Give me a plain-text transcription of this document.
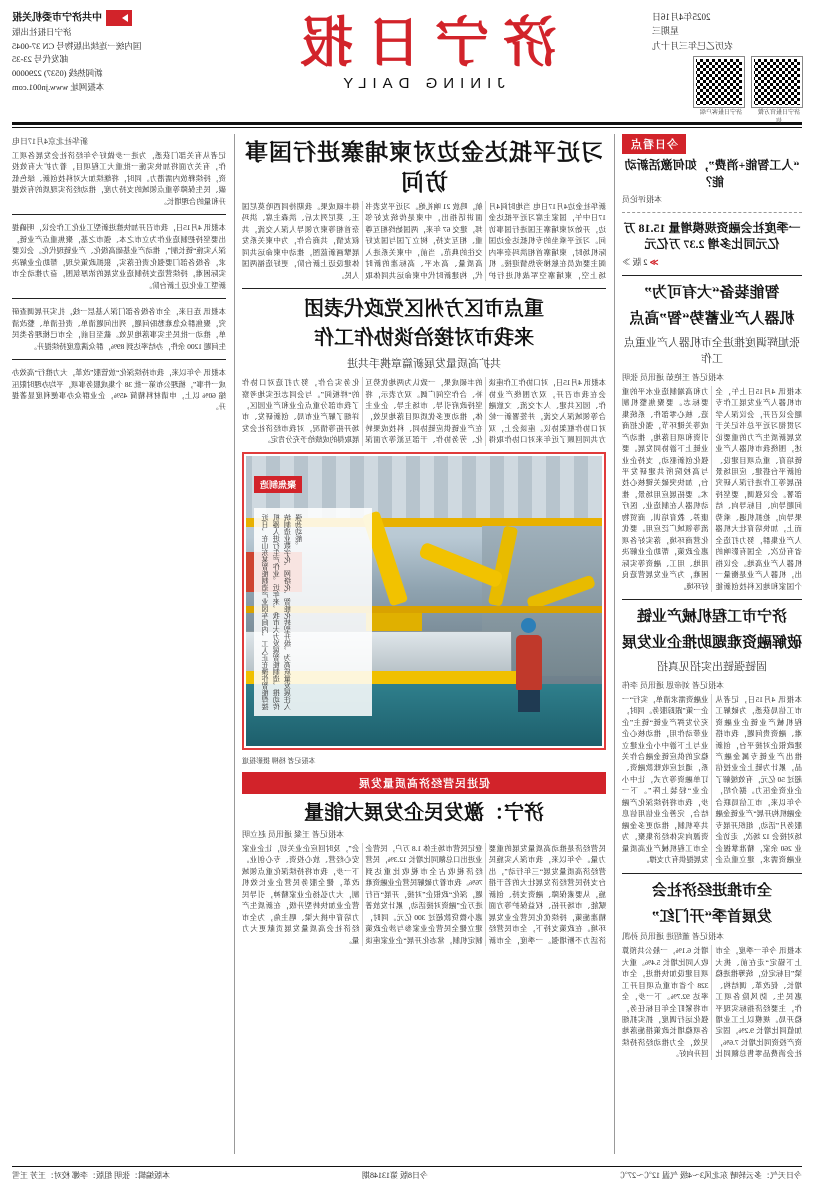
2025年4月16日
星期三
农历乙巳年三月十九
济宁日报官方微信
济宁日报客户端
济宁日报
JINING DAILY
中共济宁市委机关报
济宁日报社出版
国内统一连续出版物号 CN 37-0045
邮发代号 23-35
新闻热线 (0537) 2290000
本报网址 www.jn001.com
今日看点
“人工智能+消费”，如何激活新动能？
本报评论员
一季度社会融资规模增量 15.18 万亿元同比多增 2.37 万亿元
≫ 2 版 ≫
智能装备“大有可为”
机器人产业蓄势“智”高点
张旭辉调度推进全市机器人产业重点工作
本报记者 王艳茹 通讯员 张明
本报讯 4月15日上午，全市机器人产业发展工作专题会议召开，会议深入学习贯彻习近平总书记关于发展新质生产力的重要论述，围绕我市机器人产业链培育、重点项目建设、创新平台搭建、应用场景拓展等工作进行深入研究部署。会议强调，要坚持问题导向、目标导向、结果导向，抢抓机遇、乘势而上，加快培育壮大机器人产业集群，努力打造全省有位次、全国有影响的机器人产业高地。会议指出，机器人产业是衡量一个国家和地区科技创新能力和高端制造业水平的重要标志。要聚焦整机制造、核心零部件、系统集成等关键环节，强化招商引资和项目落地，推动产业链上下游协同发展。要强化创新驱动，支持企业与高校院所共建研发平台，加快突破关键核心技术。要拓展应用场景，推动机器人在制造业、医疗康养、教育培训、商贸物流等领域广泛应用。要优化营商环境，落实好各项惠企政策，帮助企业解决用地、用工、融资等实际困难，为产业发展营造良好环境。
济宁市工程机械产业链
破解融资难题助推企业发展
固链强链出实招见真招
本报记者 刘帝恩 通讯员 李伟
本报讯 4月15日，记者从市工信局获悉，为破解工程机械产业链企业融资难、融资贵问题，我市搭建政银企对接平台，创新推出产业链专属金融产品，累计为链上企业授信超过 50 亿元，有效缓解了企业资金压力。据介绍，今年以来，市工信局联合金融机构开展“产业链金融服务月”活动，组织开展专场对接会 12 场次，走访企业 260 余家，精准掌握企业融资需求，建立重点企业融资需求清单，实行“一企一策”跟踪服务。同时，充分发挥产业链“链主”企业带动作用，推动核心企业与上下游中小企业建立稳定的供应链金融合作关系，通过应收账款融资、订单融资等方式，让中小企业“轻装上阵”。下一步，我市将持续深化产融结合，完善企业信用信息共享机制，推动更多金融资源向实体经济集聚，为全市工程机械产业高质量发展提供有力支撑。
全市推进经济社会
发展首季“开门红”
本报记者 董绍进 通讯员 孙凯
本报讯 今年一季度，全市上下锚定“走在前、挑大梁”目标定位，统筹推进稳增长、促改革、调结构、惠民生、防风险各项工作，主要经济指标实现平稳开局。规模以上工业增加值同比增长 9.2%，固定资产投资同比增长 7.6%，社会消费品零售总额同比增长 6.1%，一般公共预算收入同比增长 5.4%。重大项目建设加快推进，全市 328 个省市重点项目开工率达 92.7%。下一步，全市将紧盯全年目标任务，强化运行调度，抓实抓细各项稳增长政策措施落地见效，全力推动经济持续回升向好。
习近平抵达金边对柬埔寨进行国事访问
新华社金边4月17日电 当地时间4月17日中午，国家主席习近平抵达金边，开始对柬埔寨王国进行国事访问。习近平乘坐的专机抵达金边国际机场时，柬埔寨首相洪玛奈率内阁主要成员在舷梯旁热情迎接。机场上空，柬埔寨空军战机进行护航，鸣放 21 响礼炮。习近平发表书面讲话指出，中柬是传统友好邻邦，建交 67 年来，两国始终相互尊重、相互支持，树立了国与国友好交往的典范。当前，中柬关系进入高质量、高水平、高标准的新时代，构建新时代中柬命运共同体取得丰硕成果。我期待同西哈莫尼国王、莫尼列太后、洪森主席、洪玛奈首相等柬方领导人深入交流，共叙友情，共商合作，为中柬关系发展擘画新蓝图，推动中柬命运共同体建设迈上新台阶，更好造福两国人民。
重点市区方州区党政代表团
来我市对接洽谈协作工作
共扩高质量发展新篇章携手共进
本报讯 4月15日，对口协作工作座谈会在我市召开，双方围绕产业协作、园区共建、人才交流、文旅融合等领域深入交流，并签署新一轮对口协作框架协议。座谈会上，双方共同回顾了近年来对口协作取得的丰硕成果，一致认为两地优势互补、合作空间广阔。双方表示，将坚持政府引导、市场主导、企业主体，推动更多优质项目落地见效，在产业链供应链协同、科技成果转化、劳务协作、干部互派等方面深化务实合作，努力打造对口协作的“样板间”。与会同志还实地考察了我市部分重点企业和产业园区，详细了解产业布局、创新研发、市场开拓等情况，对我市经济社会发展取得的成绩给予充分肯定。
聚焦制造
近日，在山东某智能制造产业园车间内，工人正在操作智能焊接机器人进行生产作业。近年来，我市大力发展智能制造，推动传统制造业数字化、网络化、智能化转型升级，为高质量发展注入强劲动能。
本报记者 杨柳 摄影报道
促进民营经济高质量发展
济宁：激发民企发展大能量
本报记者 王粲 通讯员 赵立明
民营经济是推动高质量发展的重要力量。今年以来，我市深入实施民营经济高质量发展“三年行动”，出台支持民营经济发展壮大的若干措施，从要素保障、融资支持、创新赋能、市场开拓、权益保护等方面精准施策，持续优化民营企业发展环境。在政策支持下，全市民营经济活力不断增强。一季度，全市新登记民营市场主体 1.8 万户，民营企业进出口总额同比增长 12.3%，民营经济税收占全市税收比重达到 76%。我市着力破解民营企业融资难题，深化“政银企”对接，开展“百行进万企”融资对接活动，累计发放普惠小微贷款超过 300 亿元。同时，建立健全民营企业家参与涉企政策制定机制，常态化开展“企业家座谈会”，及时回应企业关切，让企业家安心经营、放心投资、专心创业。下一步，我市将持续深化重点领域改革，健全服务民营企业长效机制，大力弘扬企业家精神，引导民营企业加快转型升级，在新质生产力培育中挑大梁、唱主角，为全市经济社会高质量发展贡献更大力量。
新华社北京4月17日电
记者从有关部门获悉，为进一步做好今年经济社会发展各项工作，有关方面将加快实施一批重大工程项目，着力扩大有效投资，持续释放内需潜力。同时，将继续加大对科技创新、绿色低碳、民生保障等重点领域的支持力度，推动经济实现质的有效提升和量的合理增长。
本报讯 4月15日，我市召开加快推进新型工业化工作会议，明确提出要坚持把制造业作为立市之本、强市之基，聚焦重点产业链，深入实施“链长制”，推动产业基础高级化、产业链现代化。会议要求，各级各部门要强化责任落实，狠抓政策兑现，帮助企业解决实际困难，持续营造支持制造业发展的浓厚氛围，奋力推动全市新型工业化迈上新台阶。
本报讯 连日来，全市各级各部门深入基层一线，扎实开展调查研究，聚焦群众急难愁盼问题，列出问题清单、责任清单、整改清单，推动一批民生实事落地见效。截至目前，全市已梳理各类民生问题 1200 余件，办结率达到 89%，群众满意度持续提升。
本报讯 今年以来，我市持续深化“放管服”改革，大力推行“高效办成一件事”，梳理公布第一批 38 个集成服务事项，平均办理时限压缩 60% 以上，申请材料精简 45%，企业群众办事便利度显著提升。
今日天气：多云转晴 东北风3～4级 气温 12℃～27℃
今日8版 第13148期
本版编辑：张明 组版：李娜 校对：王芳 王雪
